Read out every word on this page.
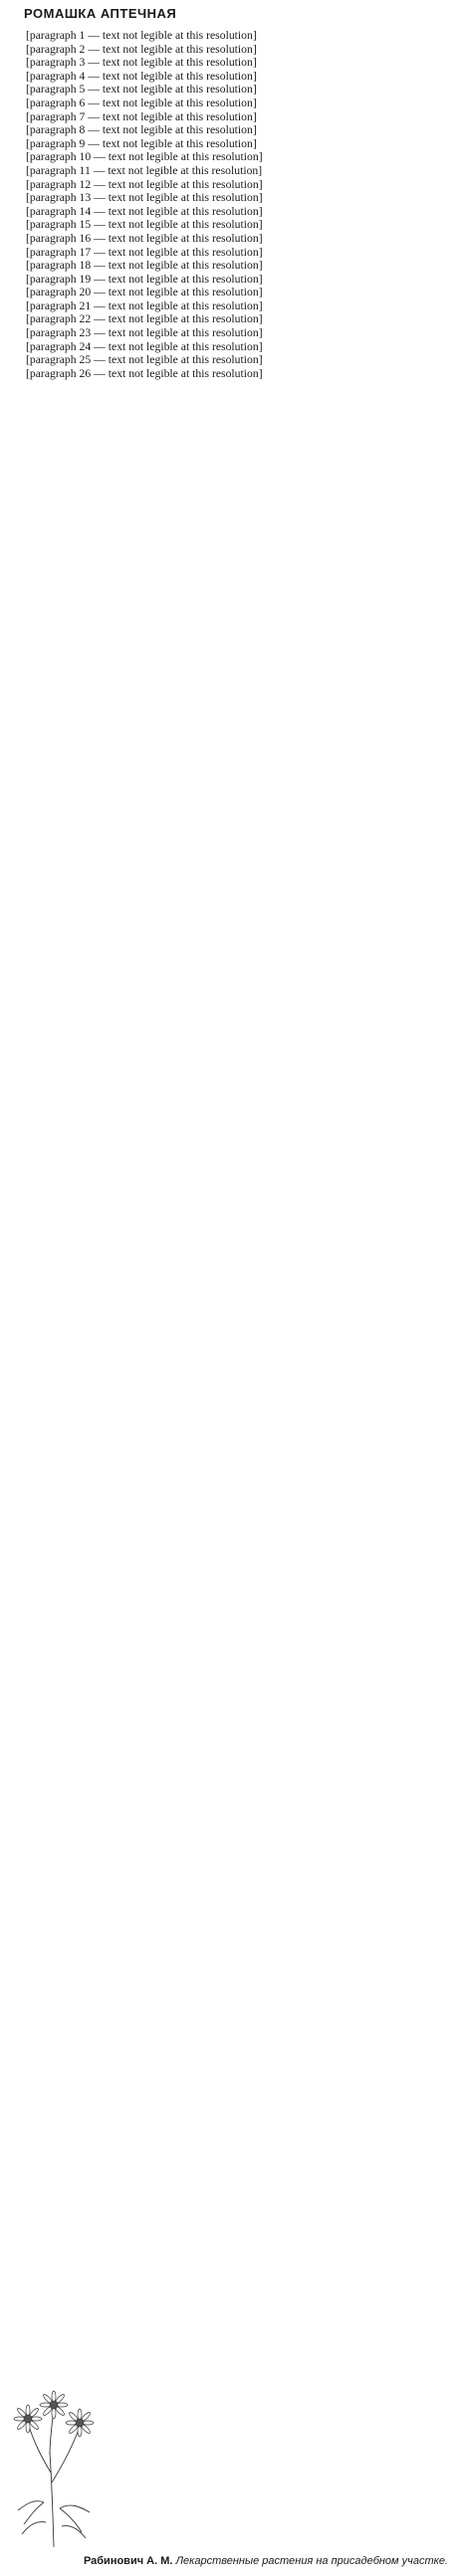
РОМАШКА АПТЕЧНАЯ

[paragraph 1 — text not legible at this resolution]

[paragraph 2 — text not legible at this resolution]

[paragraph 3 — text not legible at this resolution]

[paragraph 4 — text not legible at this resolution]

[paragraph 5 — text not legible at this resolution]

[paragraph 6 — text not legible at this resolution]

[paragraph 7 — text not legible at this resolution]

[paragraph 8 — text not legible at this resolution]

[paragraph 9 — text not legible at this resolution]

[paragraph 10 — text not legible at this resolution]

[paragraph 11 — text not legible at this resolution]

[paragraph 12 — text not legible at this resolution]

[paragraph 13 — text not legible at this resolution]

[paragraph 14 — text not legible at this resolution]

[paragraph 15 — text not legible at this resolution]

[paragraph 16 — text not legible at this resolution]

[paragraph 17 — text not legible at this resolution]

[paragraph 18 — text not legible at this resolution]

[paragraph 19 — text not legible at this resolution]

[paragraph 20 — text not legible at this resolution]

[paragraph 21 — text not legible at this resolution]

[paragraph 22 — text not legible at this resolution]

[paragraph 23 — text not legible at this resolution]

[paragraph 24 — text not legible at this resolution]

[paragraph 25 — text not legible at this resolution]

[paragraph 26 — text not legible at this resolution]

Рабинович А. М. Лекарственные растения на присадебном участке.
